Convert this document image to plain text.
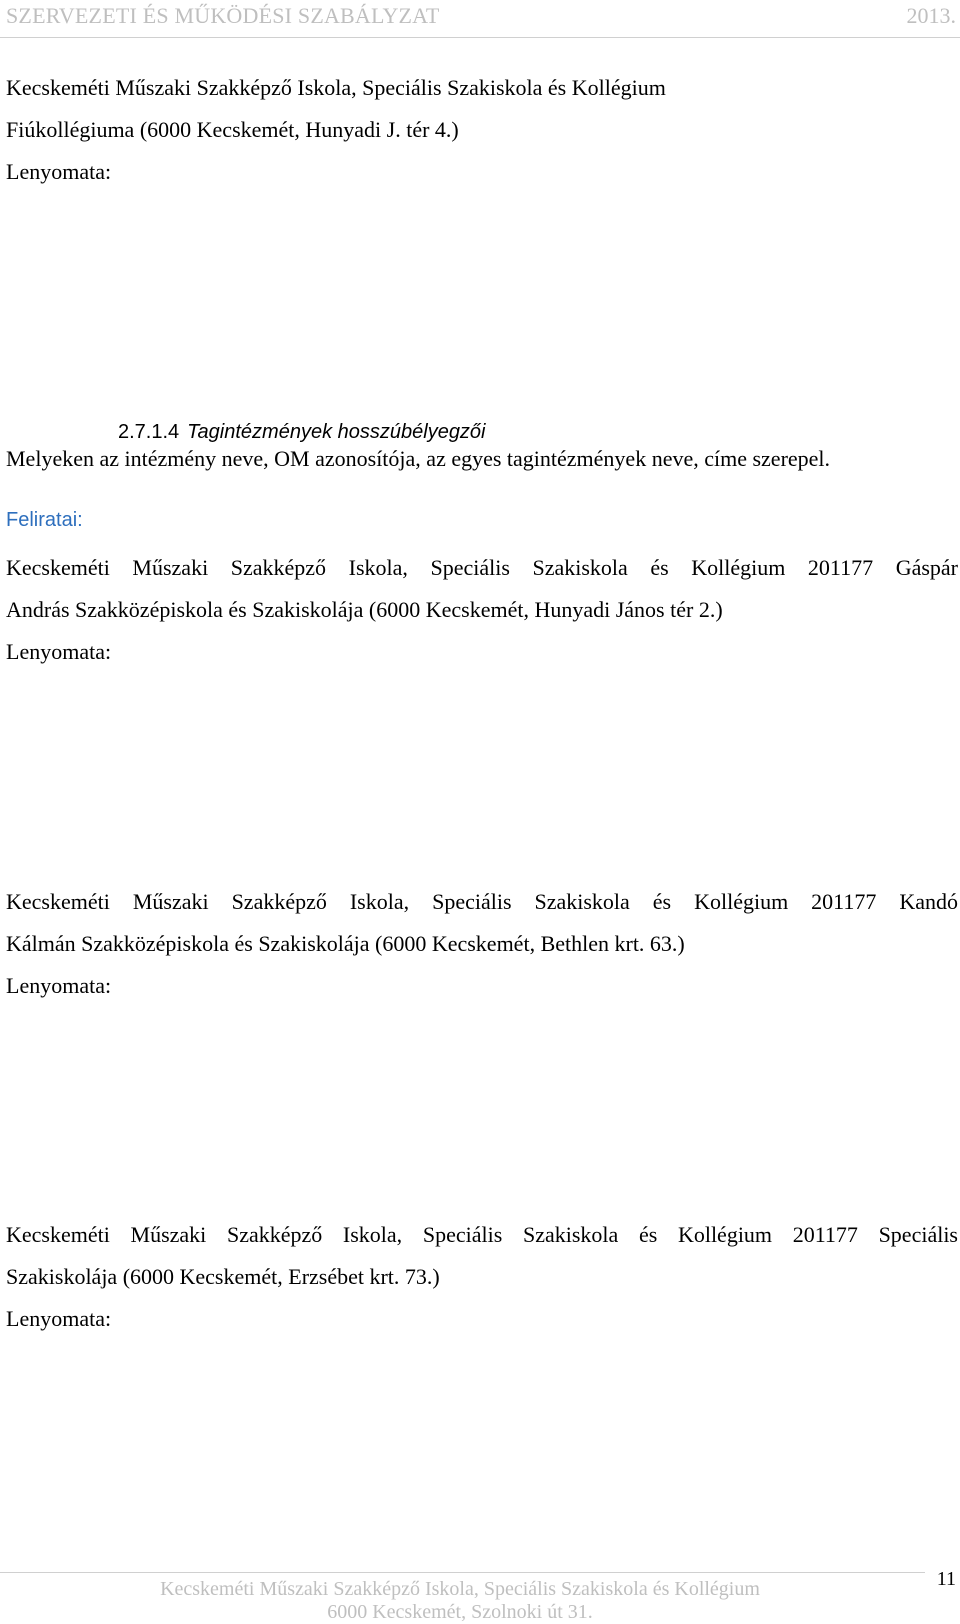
SZERVEZETI ÉS MŰKÖDÉSI SZABÁLYZAT	2013.
Kecskeméti Műszaki Szakképző Iskola, Speciális Szakiskola és Kollégium
Fiúkollégiuma (6000 Kecskemét, Hunyadi J. tér 4.)
Lenyomata:
2.7.1.4 Tagintézmények hosszúbélyegzői
Melyeken az intézmény neve, OM azonosítója, az egyes tagintézmények neve, címe szerepel.
Feliratai:
Kecskeméti Műszaki Szakképző Iskola, Speciális Szakiskola és Kollégium 201177 Gáspár
András Szakközépiskola és Szakiskolája (6000 Kecskemét, Hunyadi János tér 2.)
Lenyomata:
Kecskeméti Műszaki Szakképző Iskola, Speciális Szakiskola és Kollégium 201177 Kandó
Kálmán Szakközépiskola és Szakiskolája (6000 Kecskemét, Bethlen krt. 63.)
Lenyomata:
Kecskeméti Műszaki Szakképző Iskola, Speciális Szakiskola és Kollégium 201177 Speciális
Szakiskolája (6000 Kecskemét, Erzsébet krt. 73.)
Lenyomata:
Kecskeméti Műszaki Szakképző Iskola, Speciális Szakiskola és Kollégium
6000 Kecskemét, Szolnoki út 31.
11
